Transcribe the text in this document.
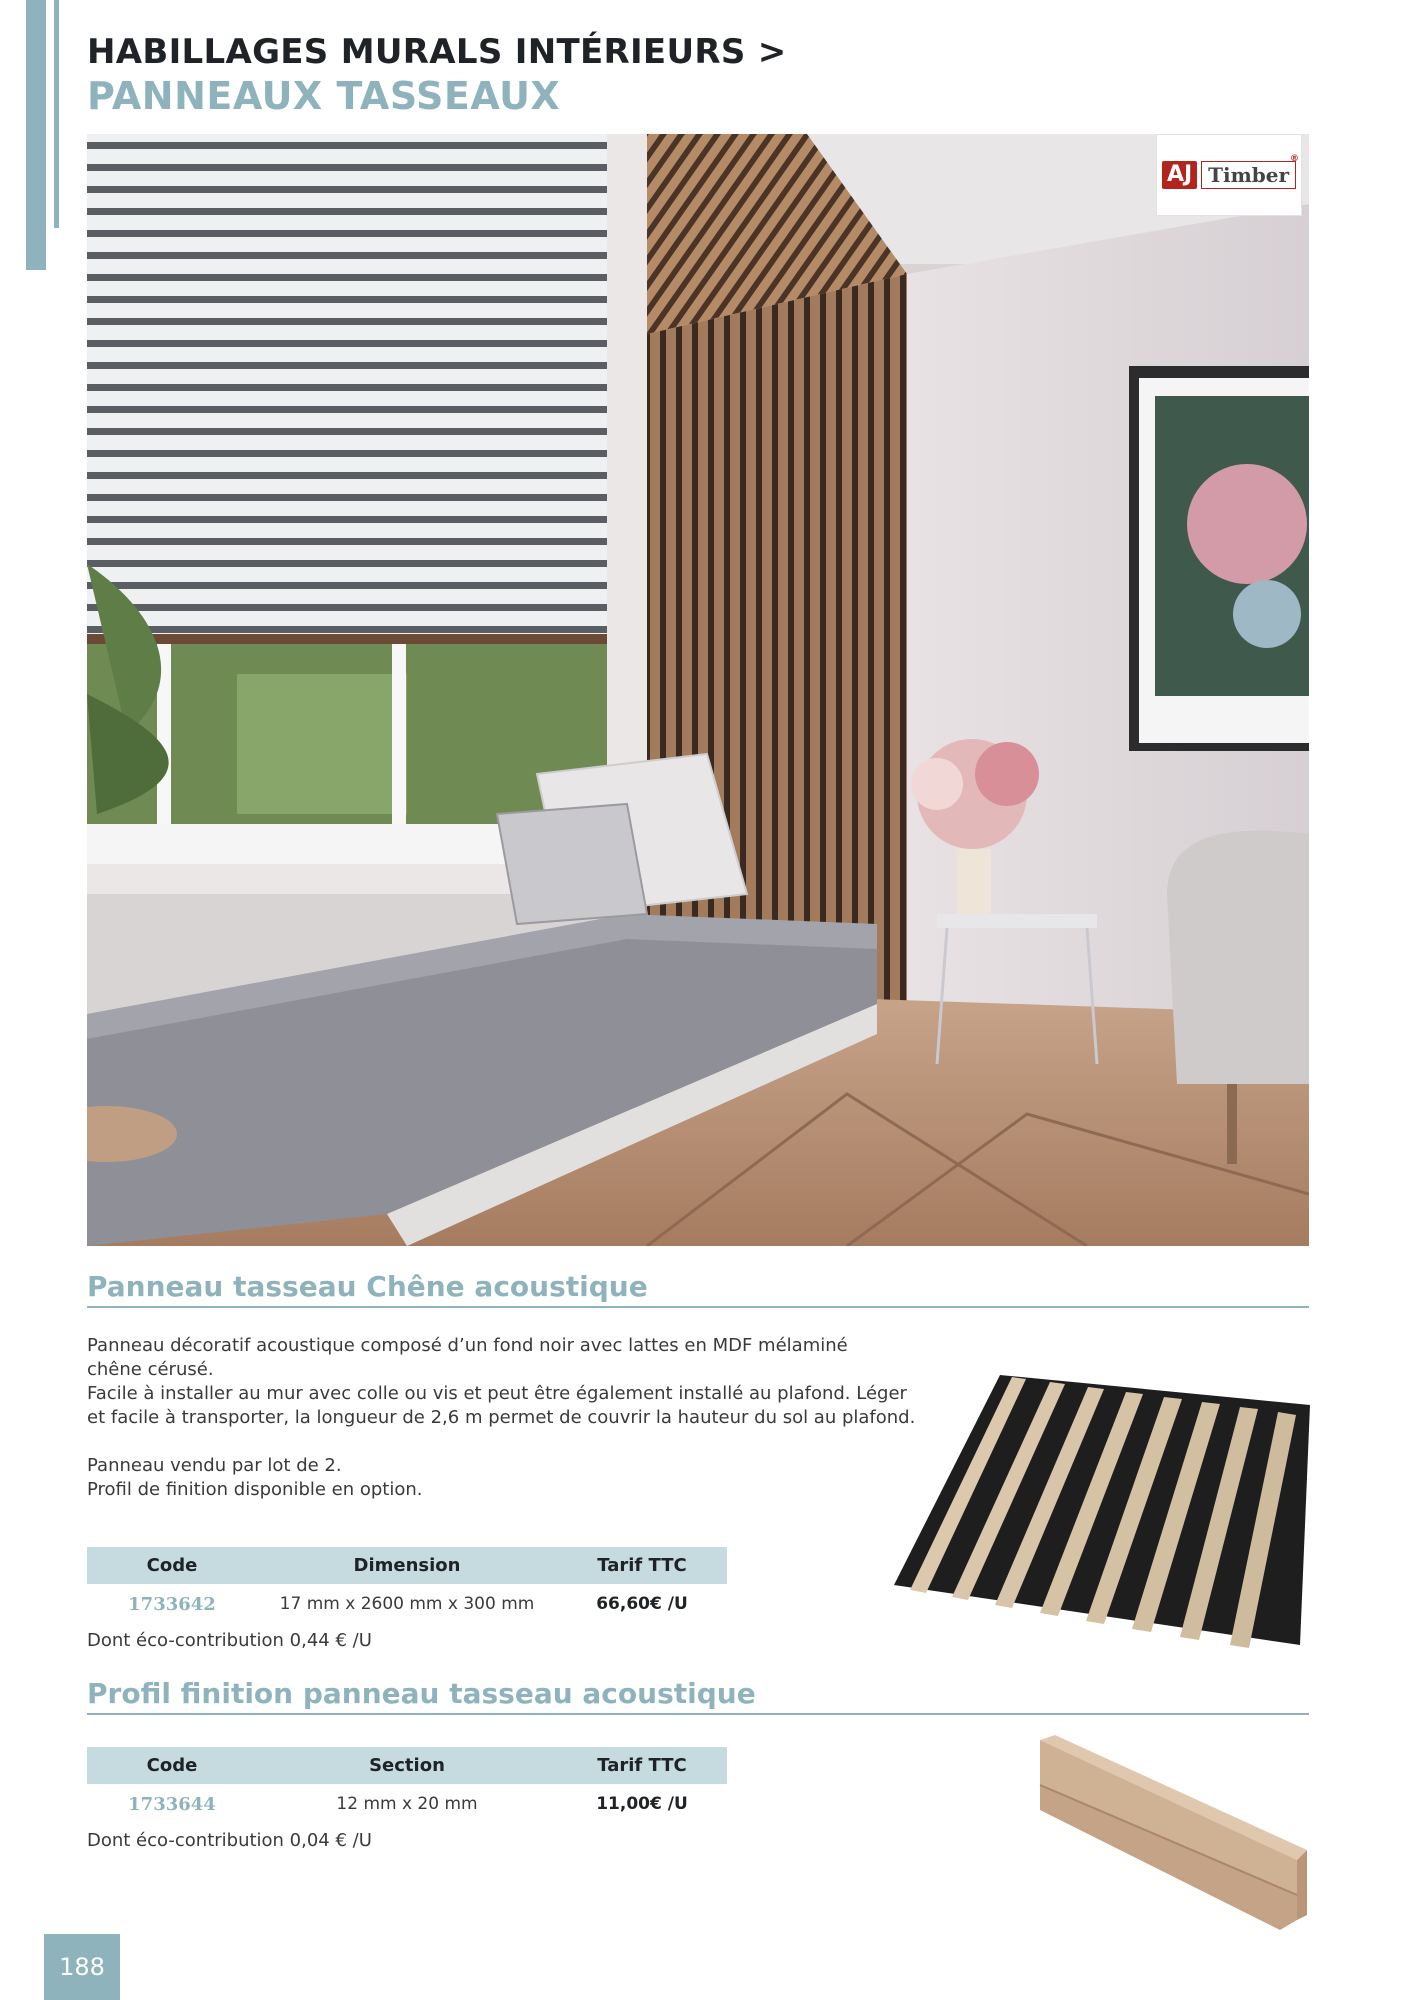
HABILLAGES MURALS INTÉRIEURS >
PANNEAUX TASSEAUX
AJ Timber
®
Panneau tasseau Chêne acoustique

Panneau décoratif acoustique composé d’un fond noir avec lattes en MDF mélaminé

chêne cérusé.

Facile à installer au mur avec colle ou vis et peut être également installé au plafond. Léger

et facile à transporter, la longueur de 2,6 m permet de couvrir la hauteur du sol au plafond.

Panneau vendu par lot de 2.

Profil de finition disponible en option.

Code	Dimension	Tarif TTC
1733642	17 mm x 2600 mm x 300 mm	66,60€ /U
Dont éco-contribution 0,44 € /U
Profil finition panneau tasseau acoustique
Code	Section	Tarif TTC
1733644	12 mm x 20 mm	11,00€ /U
Dont éco-contribution 0,04 € /U
188
